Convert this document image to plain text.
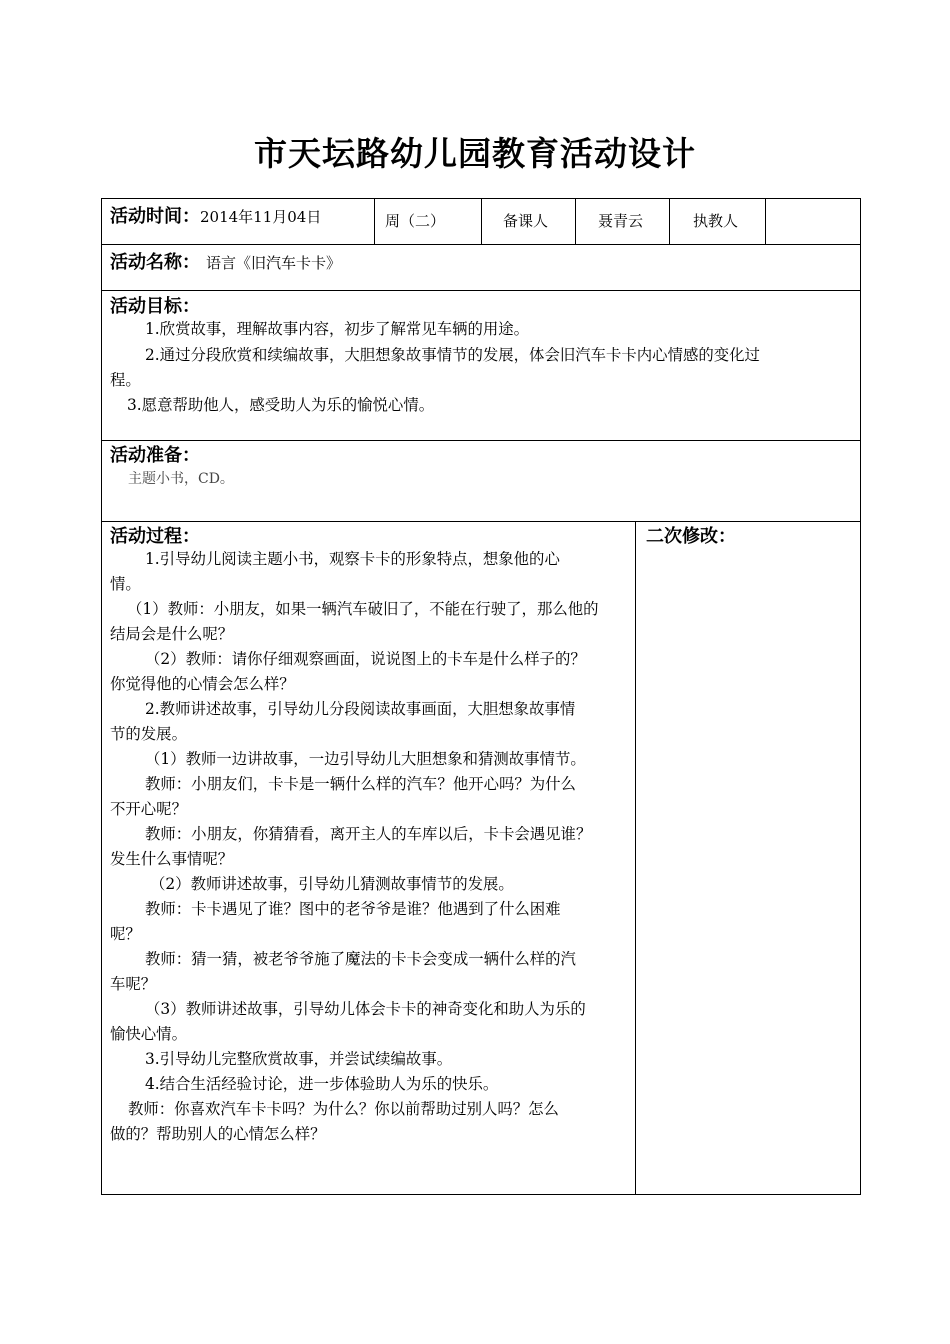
市天坛路幼儿园教育活动设计
活动时间：2014年11月04日	周（二）	备课人	聂青云	执教人
活动名称： 语言《旧汽车卡卡》
活动目标：
1.欣赏故事，理解故事内容，初步了解常见车辆的用途。
2.通过分段欣赏和续编故事，大胆想象故事情节的发展，体会旧汽车卡卡内心情感的变化过
程。
3.愿意帮助他人，感受助人为乐的愉悦心情。
活动准备：
主题小书，CD。
活动过程：	二次修改：
1.引导幼儿阅读主题小书，观察卡卡的形象特点，想象他的心
情。
（1）教师：小朋友，如果一辆汽车破旧了，不能在行驶了，那么他的
结局会是什么呢？
（2）教师：请你仔细观察画面，说说图上的卡车是什么样子的？
你觉得他的心情会怎么样？
2.教师讲述故事，引导幼儿分段阅读故事画面，大胆想象故事情
节的发展。
（1）教师一边讲故事，一边引导幼儿大胆想象和猜测故事情节。
教师：小朋友们，卡卡是一辆什么样的汽车？他开心吗？为什么
不开心呢？
教师：小朋友，你猜猜看，离开主人的车库以后，卡卡会遇见谁？
发生什么事情呢？
（2）教师讲述故事，引导幼儿猜测故事情节的发展。
教师：卡卡遇见了谁？图中的老爷爷是谁？他遇到了什么困难
呢？
教师：猜一猜，被老爷爷施了魔法的卡卡会变成一辆什么样的汽
车呢？
（3）教师讲述故事，引导幼儿体会卡卡的神奇变化和助人为乐的
愉快心情。
3.引导幼儿完整欣赏故事，并尝试续编故事。
4.结合生活经验讨论，进一步体验助人为乐的快乐。
教师：你喜欢汽车卡卡吗？为什么？你以前帮助过别人吗？怎么
做的？帮助别人的心情怎么样？
